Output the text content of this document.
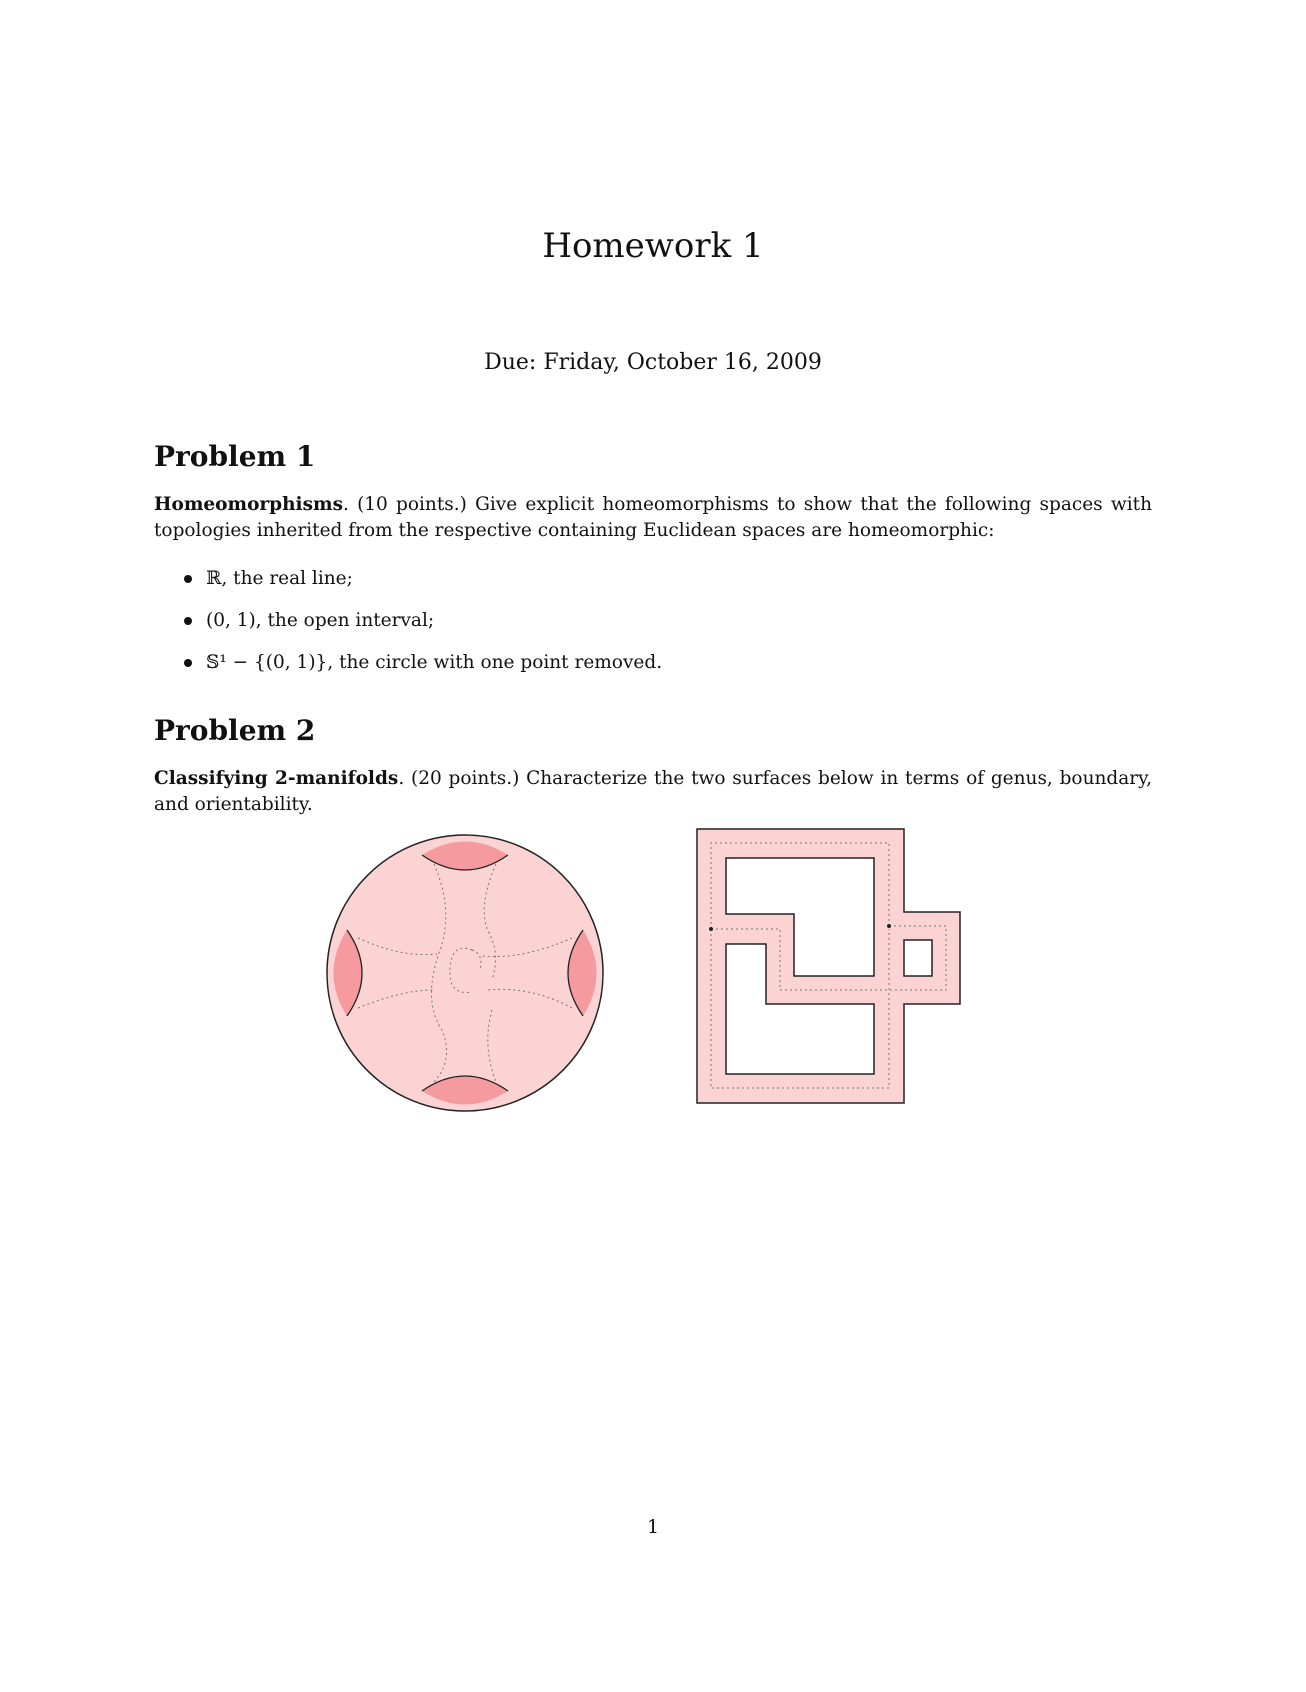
Homework 1

Due: Friday, October 16, 2009

Problem 1

Homeomorphisms. (10 points.) Give explicit homeomorphisms to show that the following spaces with topologies inherited from the respective containing Euclidean spaces are homeomorphic:

ℝ, the real line;
(0, 1), the open interval;
𝕊¹ − {(0, 1)}, the circle with one point removed.
Problem 2

Classifying 2-manifolds. (20 points.) Characterize the two surfaces below in terms of genus, boundary, and orientability.

1
